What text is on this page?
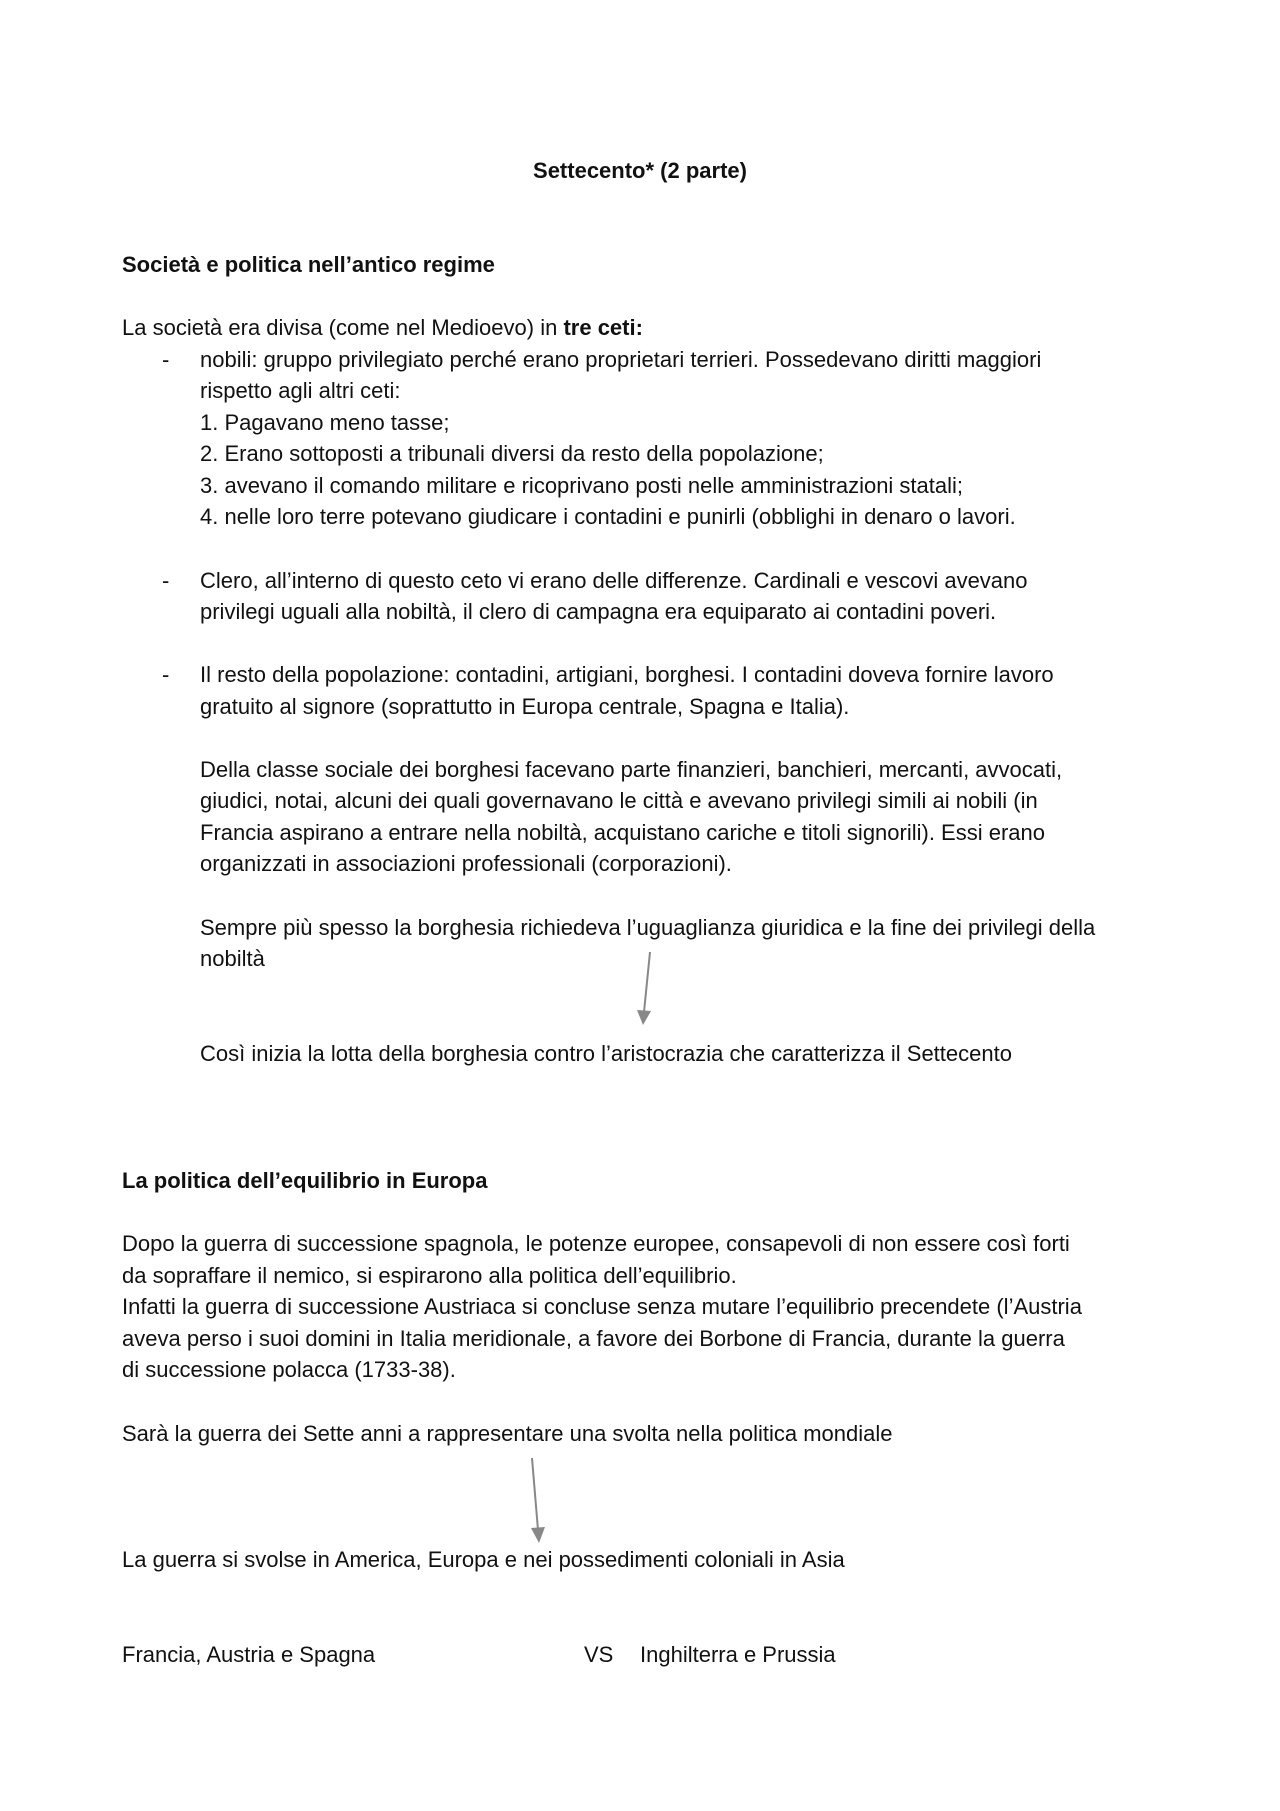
Settecento* (2 parte)
Società e politica nell’antico regime
La società era divisa (come nel Medioevo) in tre ceti:
- nobili: gruppo privilegiato perché erano proprietari terrieri. Possedevano diritti maggiori
rispetto agli altri ceti:
1. Pagavano meno tasse;
2. Erano sottoposti a tribunali diversi da resto della popolazione;
3. avevano il comando militare e ricoprivano posti nelle amministrazioni statali;
4. nelle loro terre potevano giudicare i contadini e punirli (obblighi in denaro o lavori.
- Clero, all’interno di questo ceto vi erano delle differenze. Cardinali e vescovi avevano
privilegi uguali alla nobiltà, il clero di campagna era equiparato ai contadini poveri.
- Il resto della popolazione: contadini, artigiani, borghesi. I contadini doveva fornire lavoro
gratuito al signore (soprattutto in Europa centrale, Spagna e Italia).
Della classe sociale dei borghesi facevano parte finanzieri, banchieri, mercanti, avvocati,
giudici, notai, alcuni dei quali governavano le città e avevano privilegi simili ai nobili (in
Francia aspirano a entrare nella nobiltà, acquistano cariche e titoli signorili). Essi erano
organizzati in associazioni professionali (corporazioni).
Sempre più spesso la borghesia richiedeva l’uguaglianza giuridica e la fine dei privilegi della
nobiltà
Così inizia la lotta della borghesia contro l’aristocrazia che caratterizza il Settecento
La politica dell’equilibrio in Europa
Dopo la guerra di successione spagnola, le potenze europee, consapevoli di non essere così forti
da sopraffare il nemico, si espirarono alla politica dell’equilibrio.
Infatti la guerra di successione Austriaca si concluse senza mutare l’equilibrio precendete (l’Austria
aveva perso i suoi domini in Italia meridionale, a favore dei Borbone di Francia, durante la guerra
di successione polacca (1733-38).
Sarà la guerra dei Sette anni a rappresentare una svolta nella politica mondiale
La guerra si svolse in America, Europa e nei possedimenti coloniali in Asia
Francia, Austria e Spagna	VS Inghilterra e Prussia
